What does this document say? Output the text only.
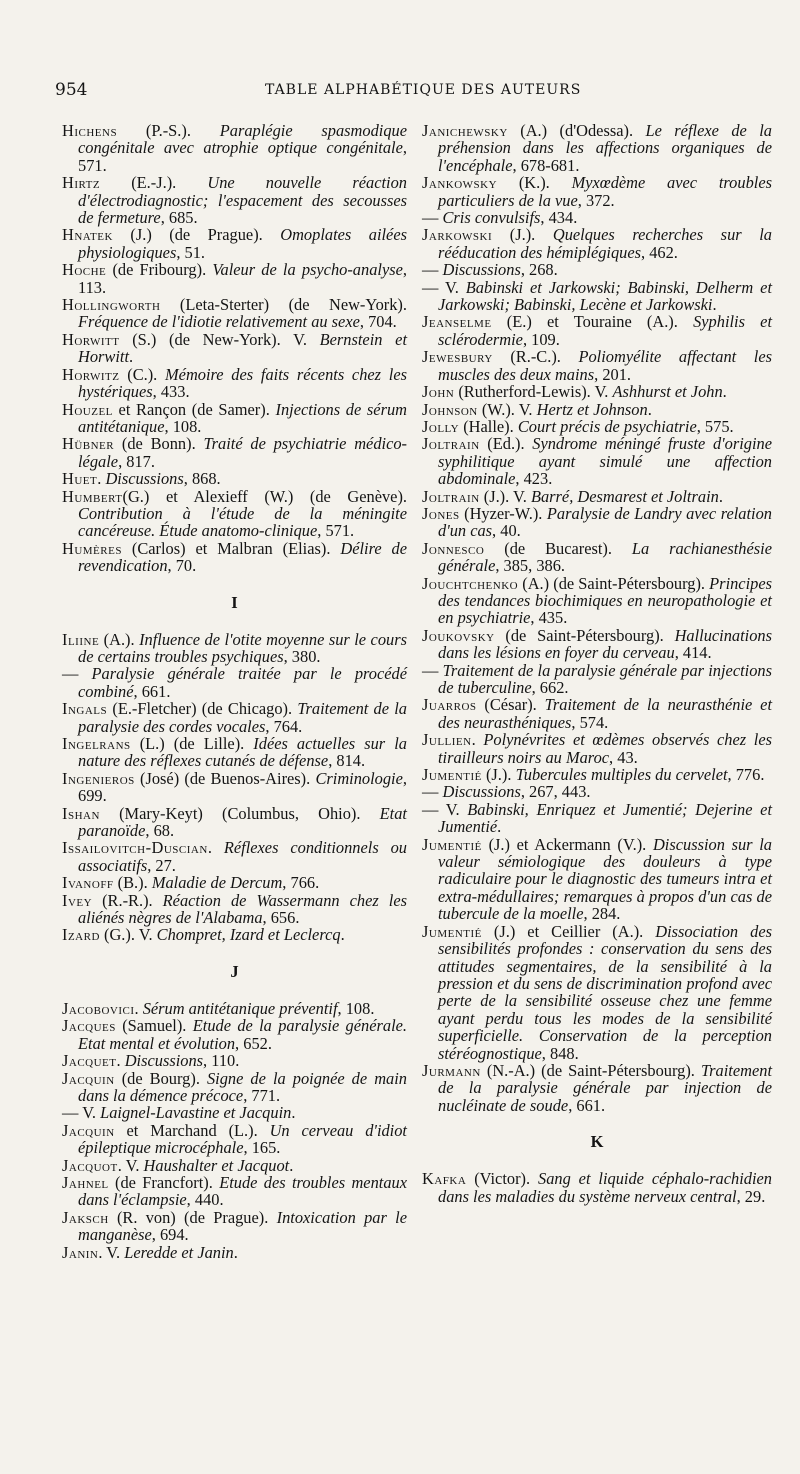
954	TABLE ALPHABÉTIQUE DES AUTEURS

Hichens (P.-S.). Paraplégie spasmodique congénitale avec atrophie optique congénitale, 571.

Hirtz (E.-J.). Une nouvelle réaction d'électrodiagnostic; l'espacement des secousses de fermeture, 685.

Hnatek (J.) (de Prague). Omoplates ailées physiologiques, 51.

Hoche (de Fribourg). Valeur de la psycho-analyse, 113.

Hollingworth (Leta-Sterter) (de New-York). Fréquence de l'idiotie relativement au sexe, 704.

Horwitt (S.) (de New-York). V. Bernstein et Horwitt.

Horwitz (C.). Mémoire des faits récents chez les hystériques, 433.

Houzel et Rançon (de Samer). Injections de sérum antitétanique, 108.

Hübner (de Bonn). Traité de psychiatrie médico-légale, 817.

Huet. Discussions, 868.

Humbert(G.) et Alexieff (W.) (de Genève). Contribution à l'étude de la méningite cancéreuse. Étude anatomo-clinique, 571.

Humères (Carlos) et Malbran (Elias). Délire de revendication, 70.

I

Iliine (A.). Influence de l'otite moyenne sur le cours de certains troubles psychiques, 380.

— Paralysie générale traitée par le procédé combiné, 661.

Ingals (E.-Fletcher) (de Chicago). Traitement de la paralysie des cordes vocales, 764.

Ingelrans (L.) (de Lille). Idées actuelles sur la nature des réflexes cutanés de défense, 814.

Ingenieros (José) (de Buenos-Aires). Criminologie, 699.

Ishan (Mary-Keyt) (Columbus, Ohio). Etat paranoïde, 68.

Issailovitch-Duscian. Réflexes conditionnels ou associatifs, 27.

Ivanoff (B.). Maladie de Dercum, 766.

Ivey (R.-R.). Réaction de Wassermann chez les aliénés nègres de l'Alabama, 656.

Izard (G.). V. Chompret, Izard et Leclercq.

J

Jacobovici. Sérum antitétanique préventif, 108.

Jacques (Samuel). Etude de la paralysie générale. Etat mental et évolution, 652.

Jacquet. Discussions, 110.

Jacquin (de Bourg). Signe de la poignée de main dans la démence précoce, 771.

— V. Laignel-Lavastine et Jacquin.

Jacquin et Marchand (L.). Un cerveau d'idiot épileptique microcéphale, 165.

Jacquot. V. Haushalter et Jacquot.

Jahnel (de Francfort). Etude des troubles mentaux dans l'éclampsie, 440.

Jaksch (R. von) (de Prague). Intoxication par le manganèse, 694.

Janin. V. Leredde et Janin.

Janichewsky (A.) (d'Odessa). Le réflexe de la préhension dans les affections organiques de l'encéphale, 678-681.

Jankowsky (K.). Myxœdème avec troubles particuliers de la vue, 372.

— Cris convulsifs, 434.

Jarkowski (J.). Quelques recherches sur la rééducation des hémiplégiques, 462.

— Discussions, 268.

— V. Babinski et Jarkowski; Babinski, Delherm et Jarkowski; Babinski, Lecène et Jarkowski.

Jeanselme (E.) et Touraine (A.). Syphilis et sclérodermie, 109.

Jewesbury (R.-C.). Poliomyélite affectant les muscles des deux mains, 201.

John (Rutherford-Lewis). V. Ashhurst et John.

Johnson (W.). V. Hertz et Johnson.

Jolly (Halle). Court précis de psychiatrie, 575.

Joltrain (Ed.). Syndrome méningé fruste d'origine syphilitique ayant simulé une affection abdominale, 423.

Joltrain (J.). V. Barré, Desmarest et Joltrain.

Jones (Hyzer-W.). Paralysie de Landry avec relation d'un cas, 40.

Jonnesco (de Bucarest). La rachianesthésie générale, 385, 386.

Jouchtchenko (A.) (de Saint-Pétersbourg). Principes des tendances biochimiques en neuropathologie et en psychiatrie, 435.

Joukovsky (de Saint-Pétersbourg). Hallucinations dans les lésions en foyer du cerveau, 414.

— Traitement de la paralysie générale par injections de tuberculine, 662.

Juarros (César). Traitement de la neurasthénie et des neurasthéniques, 574.

Jullien. Polynévrites et œdèmes observés chez les tirailleurs noirs au Maroc, 43.

Jumentié (J.). Tubercules multiples du cervelet, 776.

— Discussions, 267, 443.

— V. Babinski, Enriquez et Jumentié; Dejerine et Jumentié.

Jumentié (J.) et Ackermann (V.). Discussion sur la valeur sémiologique des douleurs à type radiculaire pour le diagnostic des tumeurs intra et extra-médullaires; remarques à propos d'un cas de tubercule de la moelle, 284.

Jumentié (J.) et Ceillier (A.). Dissociation des sensibilités profondes : conservation du sens des attitudes segmentaires, de la sensibilité à la pression et du sens de discrimination profond avec perte de la sensibilité osseuse chez une femme ayant perdu tous les modes de la sensibilité superficielle. Conservation de la perception stéréognostique, 848.

Jurmann (N.-A.) (de Saint-Pétersbourg). Traitement de la paralysie générale par injection de nucléinate de soude, 661.

K

Kafka (Victor). Sang et liquide céphalo-rachidien dans les maladies du système nerveux central, 29.
